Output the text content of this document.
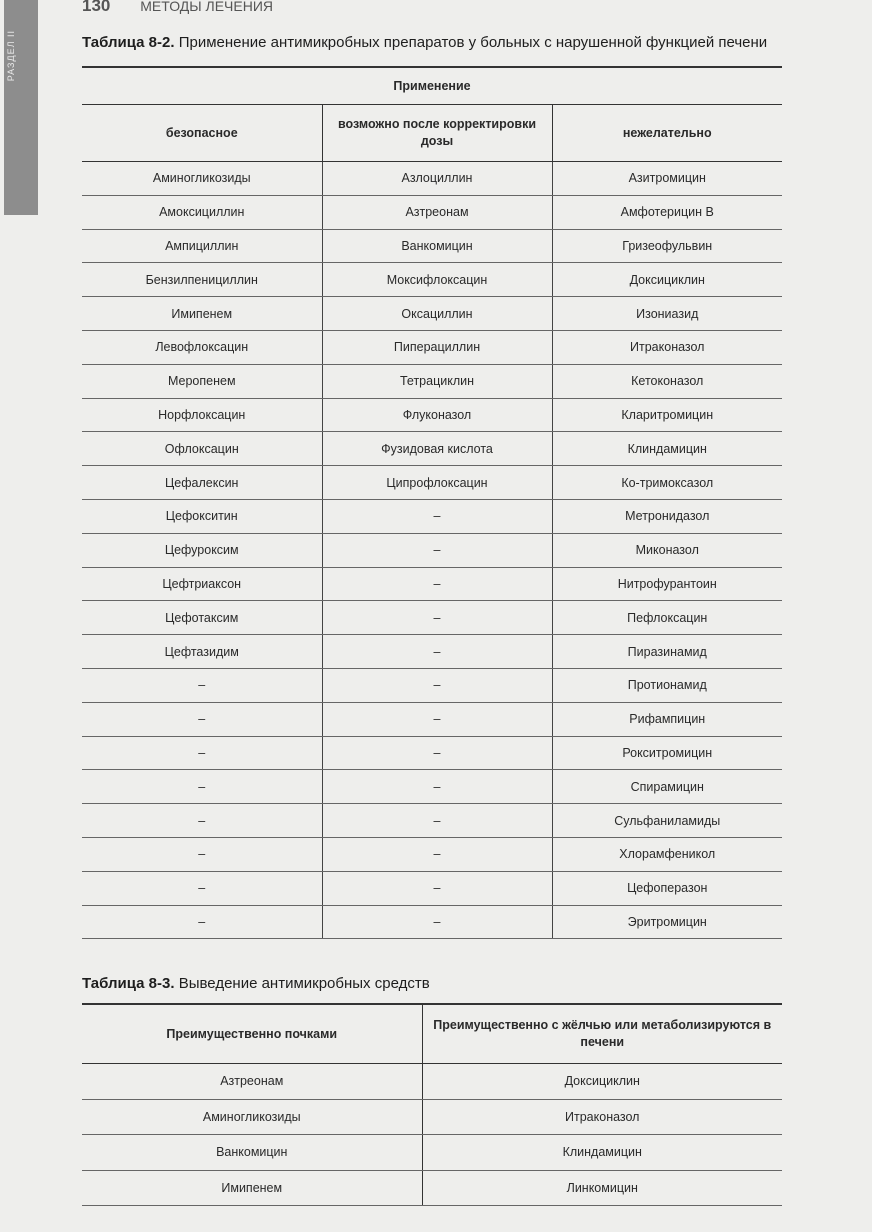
РАЗДЕЛ II
130 МЕТОДЫ ЛЕЧЕНИЯ
Таблица 8-2. Применение антимикробных препаратов у больных с нарушенной функцией печени
Применение		
безопасное	возможно после корректировки дозы	нежелательно
Аминогликозиды	Азлоциллин	Азитромицин
Амоксициллин	Азтреонам	Амфотерицин В
Ампициллин	Ванкомицин	Гризеофульвин
Бензилпенициллин	Моксифлоксацин	Доксициклин
Имипенем	Оксациллин	Изониазид
Левофлоксацин	Пиперациллин	Итраконазол
Меропенем	Тетрациклин	Кетоконазол
Норфлоксацин	Флуконазол	Кларитромицин
Офлоксацин	Фузидовая кислота	Клиндамицин
Цефалексин	Ципрофлоксацин	Ко-тримоксазол
Цефокситин	–	Метронидазол
Цефуроксим	–	Миконазол
Цефтриаксон	–	Нитрофурантоин
Цефотаксим	–	Пефлоксацин
Цефтазидим	–	Пиразинамид
–	–	Протионамид
–	–	Рифампицин
–	–	Рокситромицин
–	–	Спирамицин
–	–	Сульфаниламиды
–	–	Хлорамфеникол
–	–	Цефоперазон
–	–	Эритромицин
Таблица 8-3. Выведение антимикробных средств
Преимущественно почками	Преимущественно с жёлчью или метаболизируются в печени
Азтреонам	Доксициклин
Аминогликозиды	Итраконазол
Ванкомицин	Клиндамицин
Имипенем	Линкомицин
